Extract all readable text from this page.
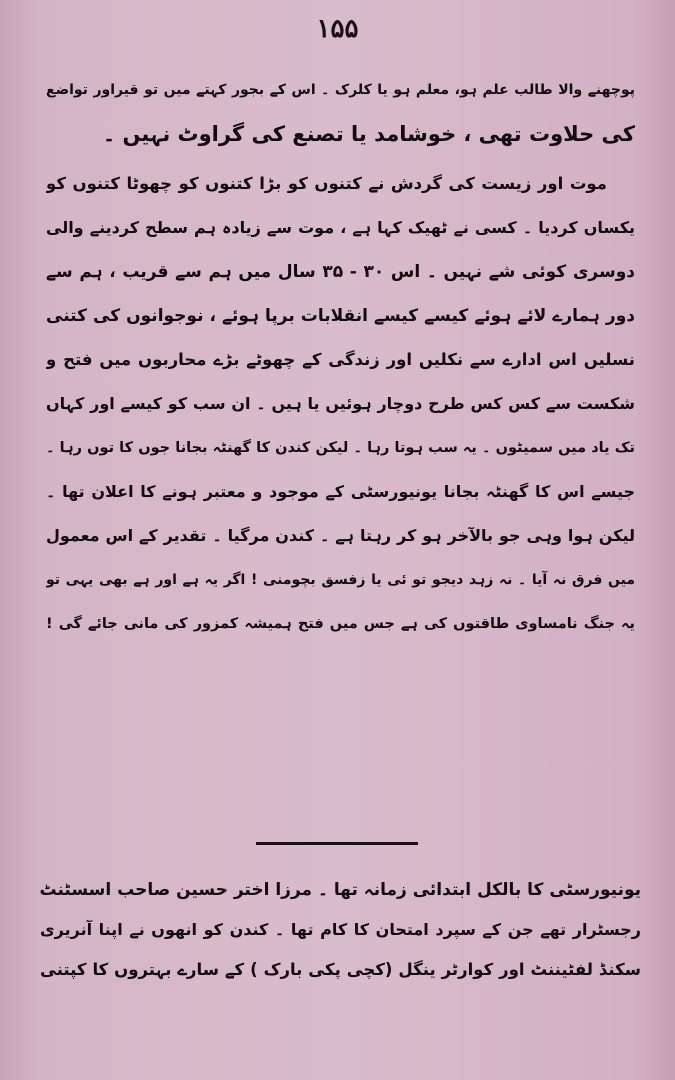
۱۵۵
پوچھنے والا طالب علم ہو، معلم ہو یا کلرک ۔ اس کے بجور کہتے میں تو قیراور تواضع
کی حلاوت تھی ، خوشامد یا تصنع کی گراوٹ نہیں ۔
موت اور زیست کی گردش نے کتنوں کو بڑا کتنوں کو چھوٹا کتنوں کو
یکساں کردیا ۔ کسی نے ٹھیک کہا ہے ، موت سے زیادہ ہم سطح کردینے والی
دوسری کوئی شے نہیں ۔ اس ۳۰ - ۳۵ سال میں ہم سے قریب ، ہم سے
دور ہمارے لائے ہوئے کیسے کیسے انقلابات برپا ہوئے ، نوجوانوں کی کتنی
نسلیں اس ادارے سے نکلیں اور زندگی کے چھوٹے بڑے محاربوں میں فتح و
شکست سے کس کس طرح دوچار ہوئیں یا ہیں ۔ ان سب کو کیسے اور کہاں
تک یاد میں سمیٹوں ۔ یہ سب ہوتا رہا ۔ لیکن کندن کا گھنٹہ بجانا جوں کا توں رہا ۔
جیسے اس کا گھنٹہ بجانا یونیورسٹی کے موجود و معتبر ہونے کا اعلان تھا ۔
لیکن ہوا وہی جو بالآخر ہو کر رہتا ہے ۔ کندن مرگیا ۔ تقدیر کے اس معمول
میں فرق نہ آیا ۔ نہ زہد دیجو تو ئی یا زفسق بچومنی ! اگر یہ ہے اور ہے بھی یہی تو
یہ جنگ نامساوی طاقتوں کی ہے جس میں فتح ہمیشہ کمزور کی مانی جائے گی !
یونیورسٹی کا بالکل ابتدائی زمانہ تھا ۔ مرزا اختر حسین صاحب اسسٹنٹ
رجسٹرار تھے جن کے سپرد امتحان کا کام تھا ۔ کندن کو انھوں نے اپنا آنریری
سکنڈ لفٹیننٹ اور کوارٹر ینگل (کچی پکی بارک ) کے سارے بہتروں کا کپتنی
